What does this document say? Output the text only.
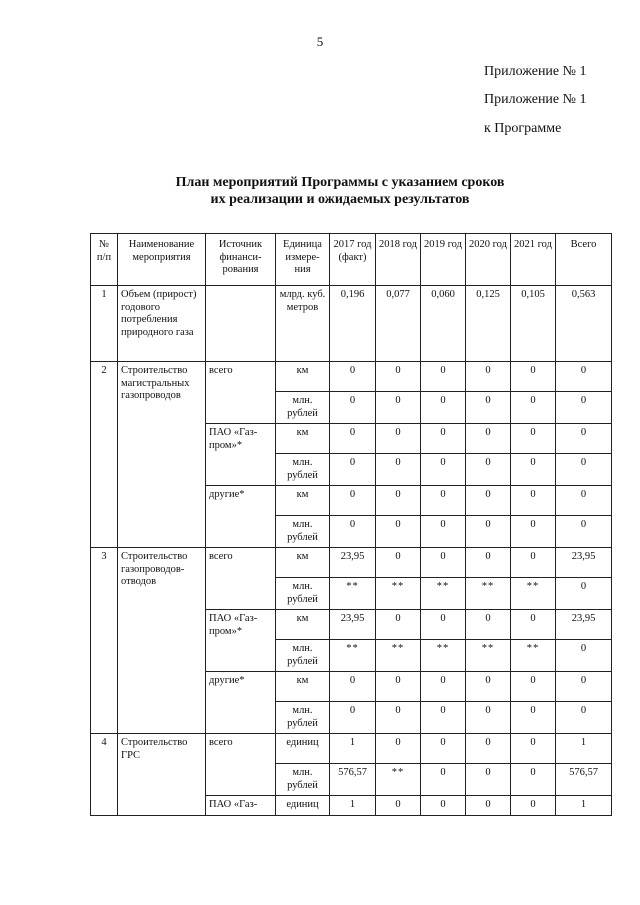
5
Приложение № 1
Приложение № 1
к Программе
План мероприятий Программы с указанием сроков
их реализации и ожидаемых результатов
№ п/п	Наименование мероприятия	Источник финанси-рования	Единица измере-ния	2017 год (факт)	2018 год	2019 год	2020 год	2021 год	Всего
1	Объем (прирост) годового потребления природного газа		млрд. куб. метров	0,196	0,077	0,060	0,125	0,105	0,563
2	Строительство магистральных газопроводов	всего	км	0	0	0	0	0	0
			млн. рублей	0	0	0	0	0	0
		ПАО «Газ-пром»*	км	0	0	0	0	0	0
			млн. рублей	0	0	0	0	0	0
		другие*	км	0	0	0	0	0	0
			млн. рублей	0	0	0	0	0	0
3	Строительство газопроводов-отводов	всего	км	23,95	0	0	0	0	23,95
			млн. рублей	**	**	**	**	**	0
		ПАО «Газ-пром»*	км	23,95	0	0	0	0	23,95
			млн. рублей	**	**	**	**	**	0
		другие*	км	0	0	0	0	0	0
			млн. рублей	0	0	0	0	0	0
4	Строительство ГРС	всего	единиц	1	0	0	0	0	1
			млн. рублей	576,57	**	0	0	0	576,57
		ПАО «Газ-	единиц	1	0	0	0	0	1
